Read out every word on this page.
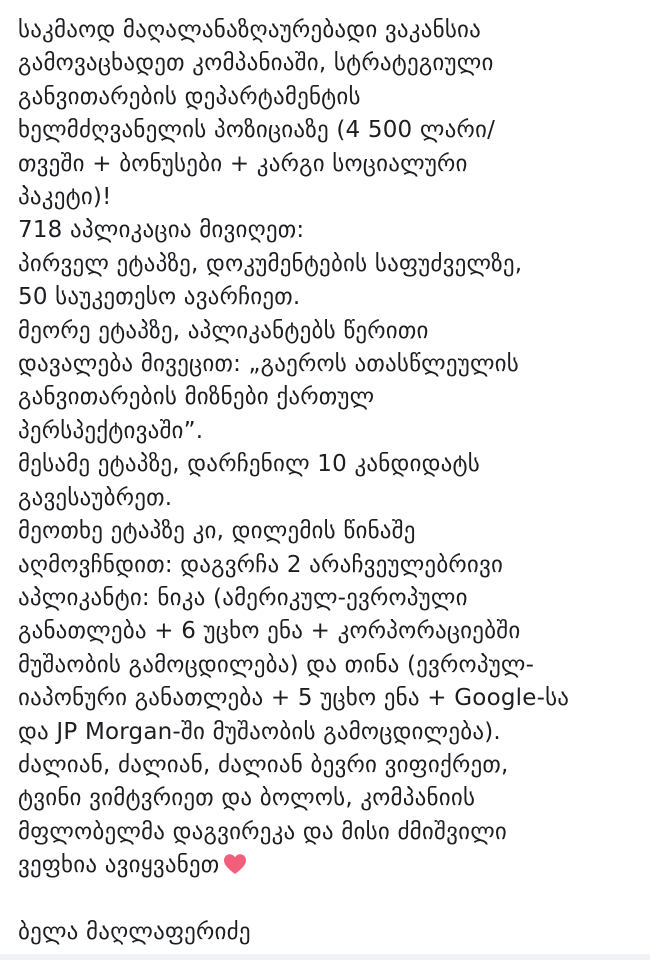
საკმაოდ მაღალანაზღაურებადი ვაკანსია
გამოვაცხადეთ კომპანიაში, სტრატეგიული
განვითარების დეპარტამენტის
ხელმძღვანელის პოზიციაზე (4 500 ლარი/
თვეში + ბონუსები + კარგი სოციალური
პაკეტი)!
718 აპლიკაცია მივიღეთ:
პირველ ეტაპზე, დოკუმენტების საფუძველზე,
50 საუკეთესო ავარჩიეთ.
მეორე ეტაპზე, აპლიკანტებს წერითი
დავალება მივეცით: „გაეროს ათასწლეულის
განვითარების მიზნები ქართულ
პერსპექტივაში”.
მესამე ეტაპზე, დარჩენილ 10 კანდიდატს
გავესაუბრეთ.
მეოთხე ეტაპზე კი, დილემის წინაშე
აღმოვჩნდით: დაგვრჩა 2 არაჩვეულებრივი
აპლიკანტი: ნიკა (ამერიკულ-ევროპული
განათლება + 6 უცხო ენა + კორპორაციებში
მუშაობის გამოცდილება) და თინა (ევროპულ-
იაპონური განათლება + 5 უცხო ენა + Google-სა
და JP Morgan-ში მუშაობის გამოცდილება).
ძალიან, ძალიან, ძალიან ბევრი ვიფიქრეთ,
ტვინი ვიმტვრიეთ და ბოლოს, კომპანიის
მფლობელმა დაგვირეკა და მისი ძმიშვილი
ვეფხია ავიყვანეთ
ბელა მაღლაფერიძე
